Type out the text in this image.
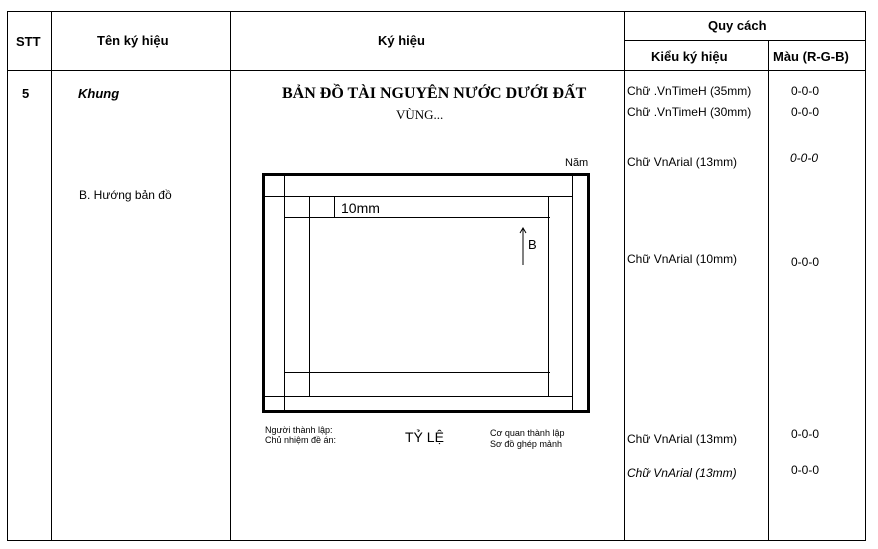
STT	Tên ký hiệu	Ký hiệu
Quy cách
Kiểu ký hiệu	Màu (R-G-B)
5	Khung
B. Hướng bản đồ
BẢN ĐỒ TÀI NGUYÊN NƯỚC DƯỚI ĐẤT
VÙNG...
Năm
10mm
B
Người thành lập:
Chủ nhiệm đề án:	TỶ LỆ	Cơ quan thành lập
Sơ đồ ghép mảnh
Chữ .VnTimeH (35mm)	0-0-0
Chữ .VnTimeH (30mm)	0-0-0
Chữ VnArial (13mm)	0-0-0
Chữ VnArial (10mm)	0-0-0
Chữ VnArial (13mm)	0-0-0
Chữ VnArial (13mm)	0-0-0
